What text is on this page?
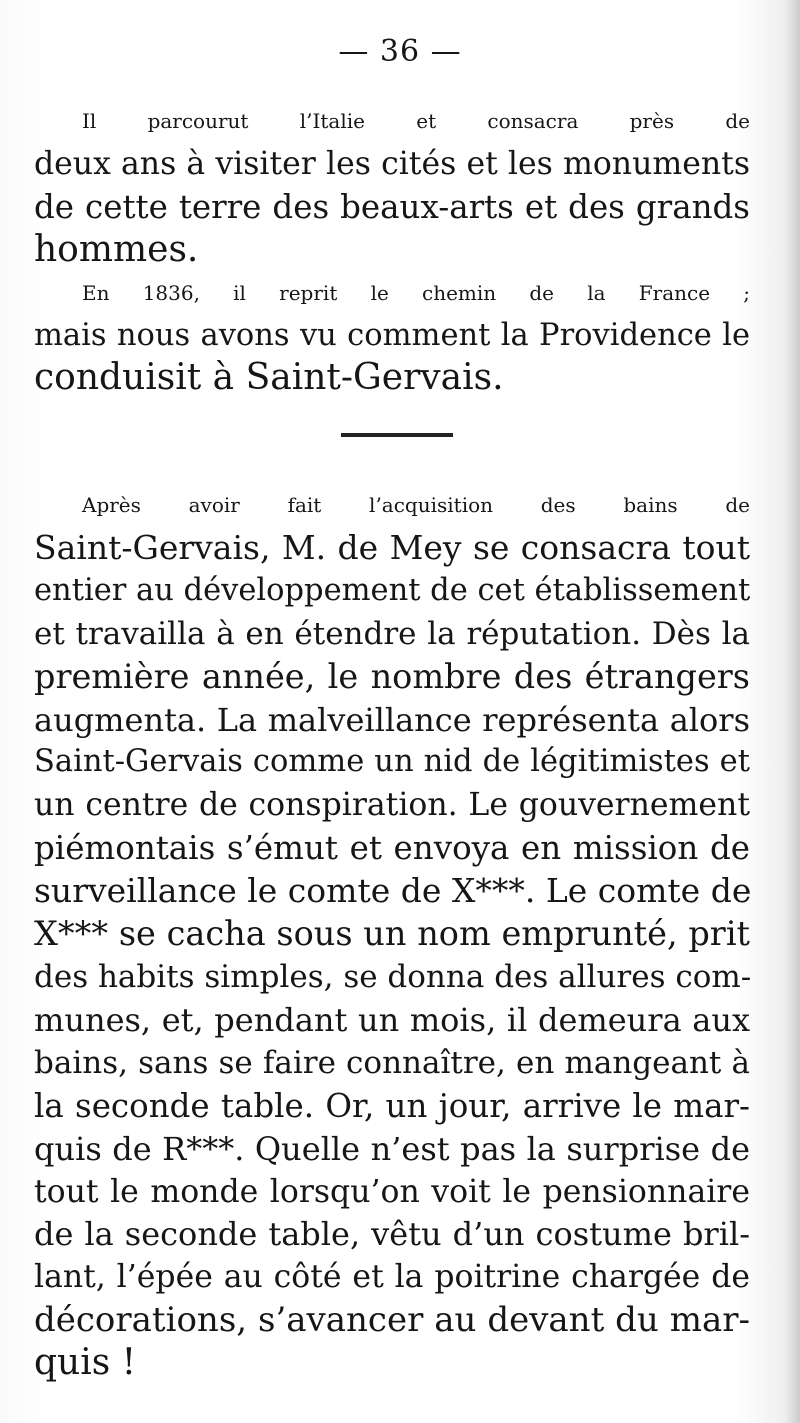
— 36 —
Il parcourut l’Italie et consacra près de
deux ans à visiter les cités et les monuments
de cette terre des beaux-arts et des grands
hommes.
En 1836, il reprit le chemin de la France ;
mais nous avons vu comment la Providence le
conduisit à Saint-Gervais.
Après avoir fait l’acquisition des bains de
Saint-Gervais, M. de Mey se consacra tout
entier au développement de cet établissement
et travailla à en étendre la réputation. Dès la
première année, le nombre des étrangers
augmenta. La malveillance représenta alors
Saint-Gervais comme un nid de légitimistes et
un centre de conspiration. Le gouvernement
piémontais s’émut et envoya en mission de
surveillance le comte de X***. Le comte de
X*** se cacha sous un nom emprunté, prit
des habits simples, se donna des allures com-
munes, et, pendant un mois, il demeura aux
bains, sans se faire connaître, en mangeant à
la seconde table. Or, un jour, arrive le mar-
quis de R***. Quelle n’est pas la surprise de
tout le monde lorsqu’on voit le pensionnaire
de la seconde table, vêtu d’un costume bril-
lant, l’épée au côté et la poitrine chargée de
décorations, s’avancer au devant du mar-
quis !
